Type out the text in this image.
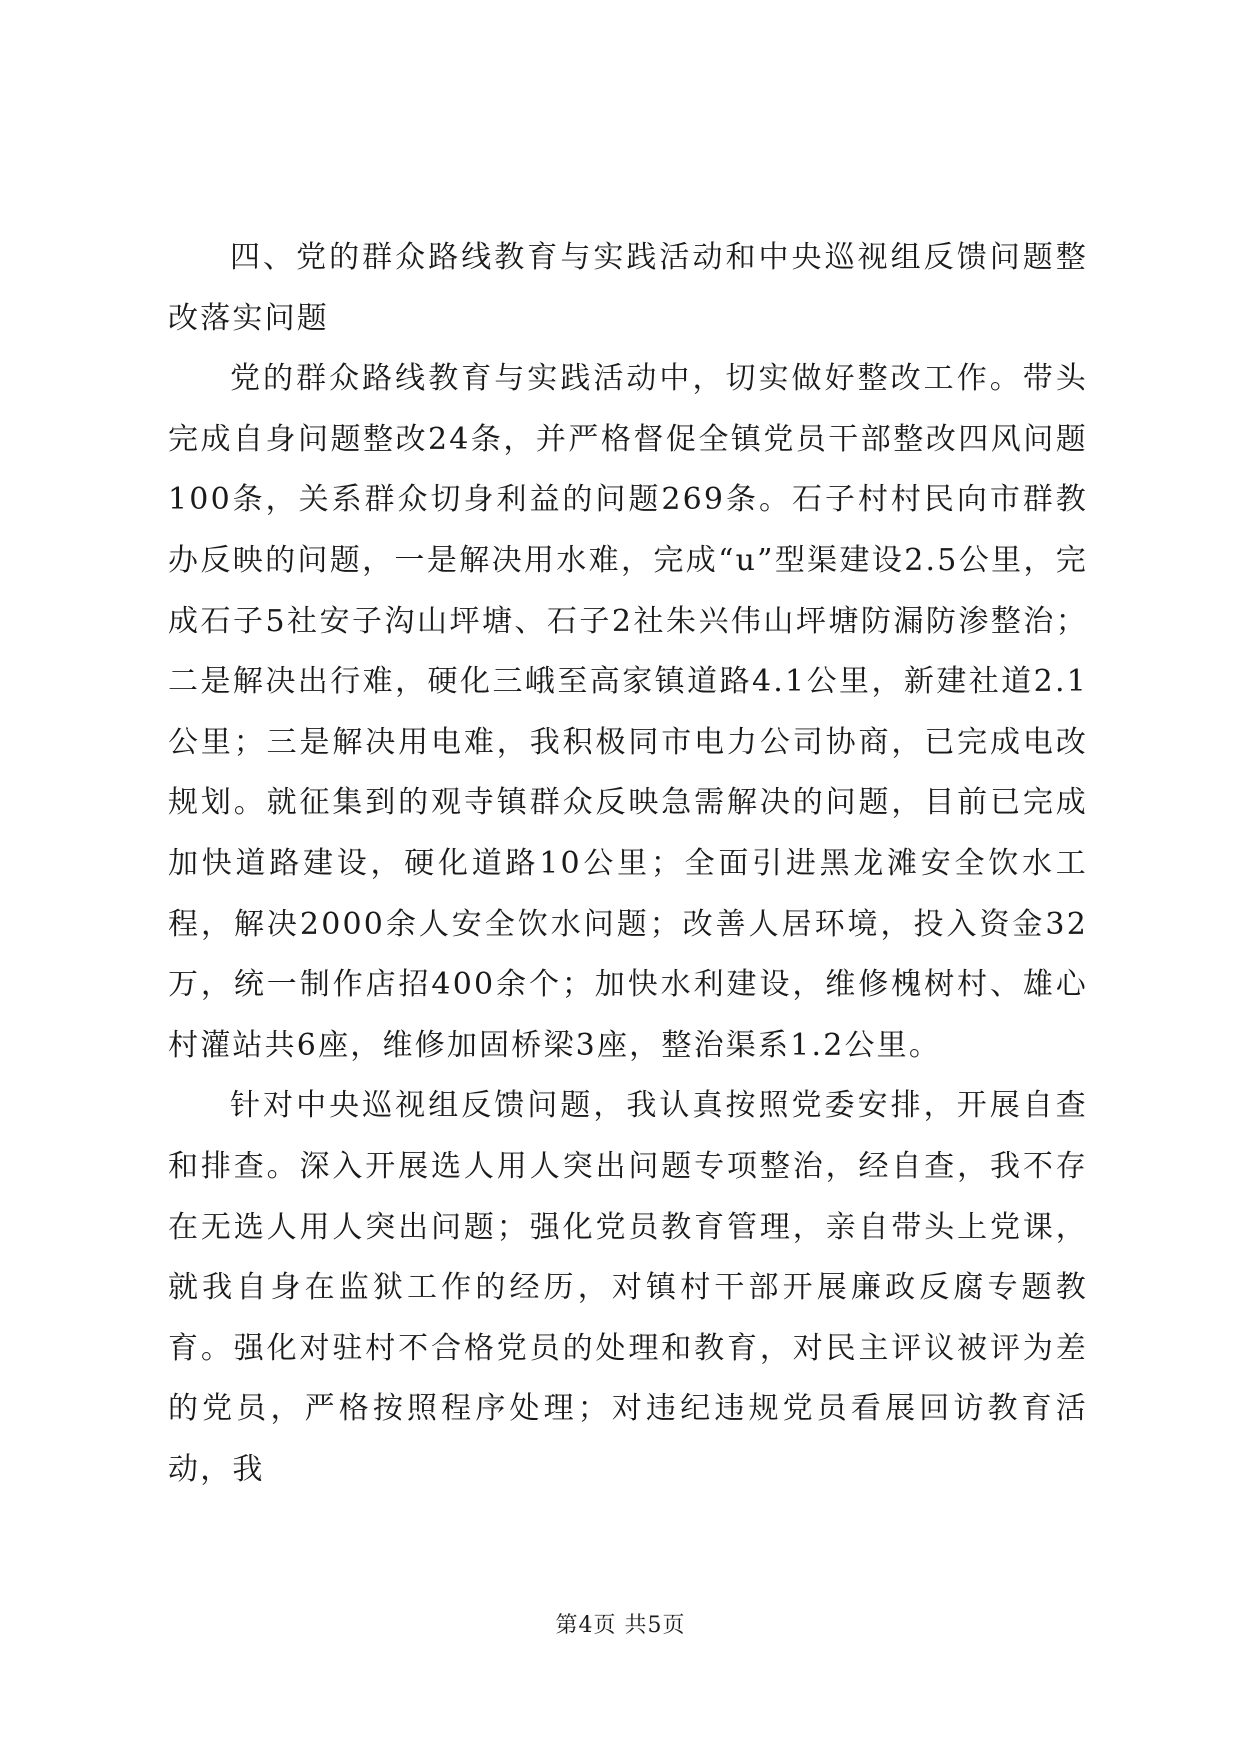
四、党的群众路线教育与实践活动和中央巡视组反馈问题整改落实问题

党的群众路线教育与实践活动中，切实做好整改工作。带头完成自身问题整改24条，并严格督促全镇党员干部整改四风问题100条，关系群众切身利益的问题269条。石子村村民向市群教办反映的问题，一是解决用水难，完成“u”型渠建设2.5公里，完成石子5社安子沟山坪塘、石子2社朱兴伟山坪塘防漏防渗整治；二是解决出行难，硬化三峨至高家镇道路4.1公里，新建社道2.1公里；三是解决用电难，我积极同市电力公司协商，已完成电改规划。就征集到的观寺镇群众反映急需解决的问题，目前已完成加快道路建设，硬化道路10公里；全面引进黑龙滩安全饮水工程，解决2000余人安全饮水问题；改善人居环境，投入资金32万，统一制作店招400余个；加快水利建设，维修槐树村、雄心村灌站共6座，维修加固桥梁3座，整治渠系1.2公里。

针对中央巡视组反馈问题，我认真按照党委安排，开展自查和排查。深入开展选人用人突出问题专项整治，经自查，我不存在无选人用人突出问题；强化党员教育管理，亲自带头上党课，就我自身在监狱工作的经历，对镇村干部开展廉政反腐专题教育。强化对驻村不合格党员的处理和教育，对民主评议被评为差的党员，严格按照程序处理；对违纪违规党员看展回访教育活动，我

第4页 共5页
